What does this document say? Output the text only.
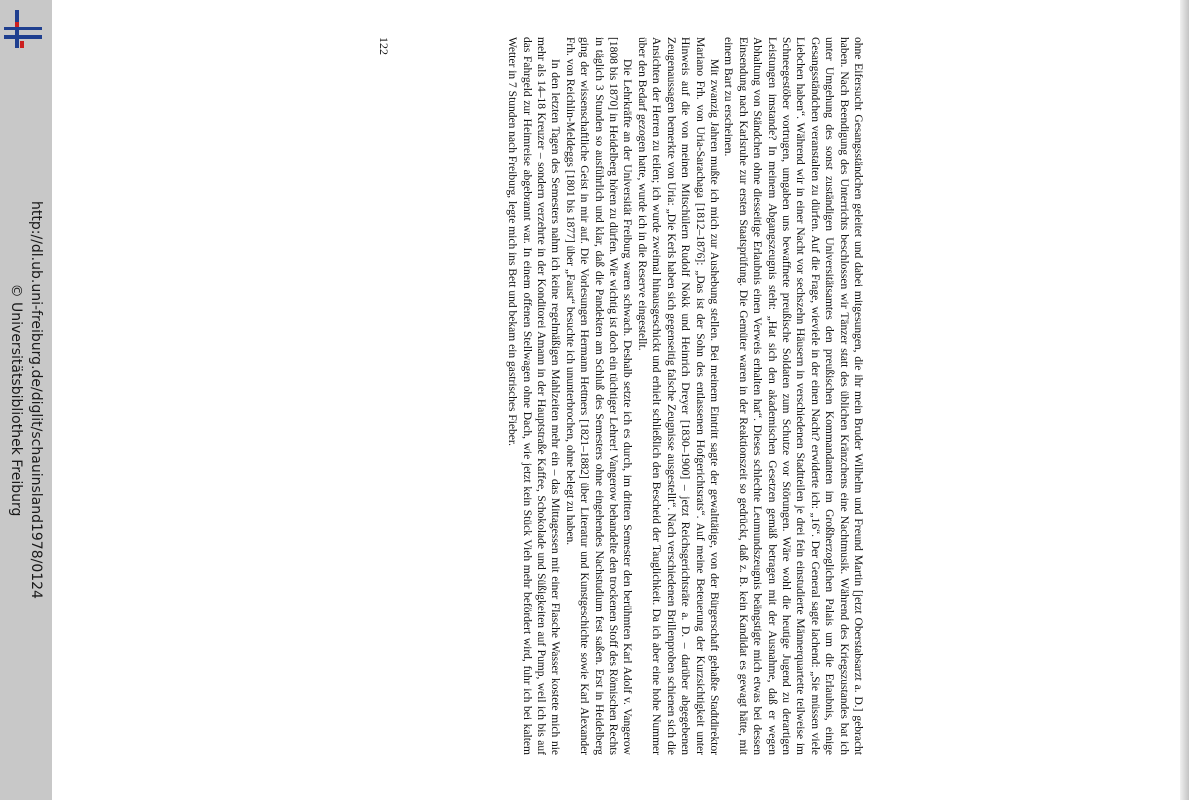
http://dl.ub.uni-freiburg.de/diglit/schauinsland1978/0124
© Universitätsbibliothek Freiburg	ohne Eifersucht Gesangsständchen geleitet und dabei mitgesungen, die ihr mein Bruder Wilhelm und Freund Martin [jetzt Oberstabsarzt a. D.] gebracht haben. Nach Beendigung des Unterrichts beschlossen wir Tänzer statt des üblichen Kränzchens eine Nachtmusik. Während des Kriegszustandes bat ich unter Umgehung des sonst zuständigen Universitätsamtes den preußischen Kommandanten im Großherzoglichen Palais um die Erlaubnis, einige Gesangsständchen veranstalten zu dürfen. Auf die Frage, wieviele in der einen Nacht? erwiderte ich: „16“. Der General sagte lachend: „Sie müssen viele Liebchen haben“. Während wir in einer Nacht vor sechszehn Häusern in verschiedenen Stadtteilen je drei fein einstudierte Männerquartette teilweise im Schneegestöber vortrugen, umgaben uns bewaffnete preußische Soldaten zum Schutze vor Störungen. Wäre wohl die heutige Jugend zu derartigen Leistungen imstande? In meinem Abgangszeugnis steht: „Hat sich den akademischen Gesetzen gemäß betragen mit der Ausnahme, daß er wegen Abhaltung von Ständchen ohne diesseitige Erlaubnis einen Verweis erhalten hat“. Dieses schlechte Leumundszeugnis beängstigte mich etwas bei dessen Einsendung nach Karlsruhe zur ersten Staatsprüfung. Die Gemüter waren in der Reaktionszeit so gedrückt, daß z. B. kein Kandidat es gewagt hätte, mit einem Bart zu erscheinen.

Mit zwanzig Jahren mußte ich mich zur Aushebung stellen. Bei meinem Eintritt sagte der gewalttätige, von der Bürgerschaft gehaßte Stadtdirektor Mariano Frh. von Uria-Sarachaga [1812–1876]: „Das ist der Sohn des entlassenen Hofgerichtsrats“. Auf meine Beteuerung der Kurzsichtigkeit unter Hinweis auf die von meinen Mitschülern Rudolf Nokk und Heinrich Dreyer [1830–1900] – jetzt Reichsgerichtsräte a. D. – darüber abgegebenen Zeugenaussagen bemerkte von Uria: „Die Kerls haben sich gegenseitig falsche Zeugnisse ausgestellt“. Nach verschiedenen Brillenproben schienen sich die Ansichten der Herren zu teilen; ich wurde zweimal hinausgeschickt und erhielt schließlich den Bescheid der Tauglichkeit. Da ich aber eine hohe Nummer über den Bedarf gezogen hatte, wurde ich in die Reserve eingestellt.

Die Lehrkräfte an der Universität Freiburg waren schwach. Deshalb setzte ich es durch, im dritten Semester den berühmten Karl Adolf v. Vangerow [1808 bis 1870] in Heidelberg hören zu dürfen. Wie wichtig ist doch ein tüchtiger Lehrer! Vangerow behandelte den trockenen Stoff des Römischen Rechts in täglich 3 Stunden so ausführlich und klar, daß die Pandekten am Schluß des Semesters ohne eingehendes Nachstudium fest saßen. Erst in Heidelberg ging der wissenschaftliche Geist in mir auf. Die Vorlesungen Hermann Hettners [1821–1882] über Literatur und Kunstgeschichte sowie Karl Alexander Frh. von Reichlin-Meldeggs [1801 bis 1877] über „Faust“ besuchte ich ununterbrochen, ohne belegt zu haben.

In den letzten Tagen des Semesters nahm ich keine regelmäßigen Mahlzeiten mehr ein – das Mittagessen mit einer Flasche Wasser kostete mich nie mehr als 14–18 Kreuzer – sondern verzehrte in der Konditorei Amann in der Hauptstraße Kaffee, Schokolade und Süßigkeiten auf Pump, weil ich bis auf das Fahrgeld zur Heimreise abgebrannt war. In einem offenen Stellwagen ohne Dach, wie jetzt kein Stück Vieh mehr befördert wird, fuhr ich bei kaltem Wetter in 7 Stunden nach Freiburg, legte mich ins Bett und bekam ein gastrisches Fieber.

122
